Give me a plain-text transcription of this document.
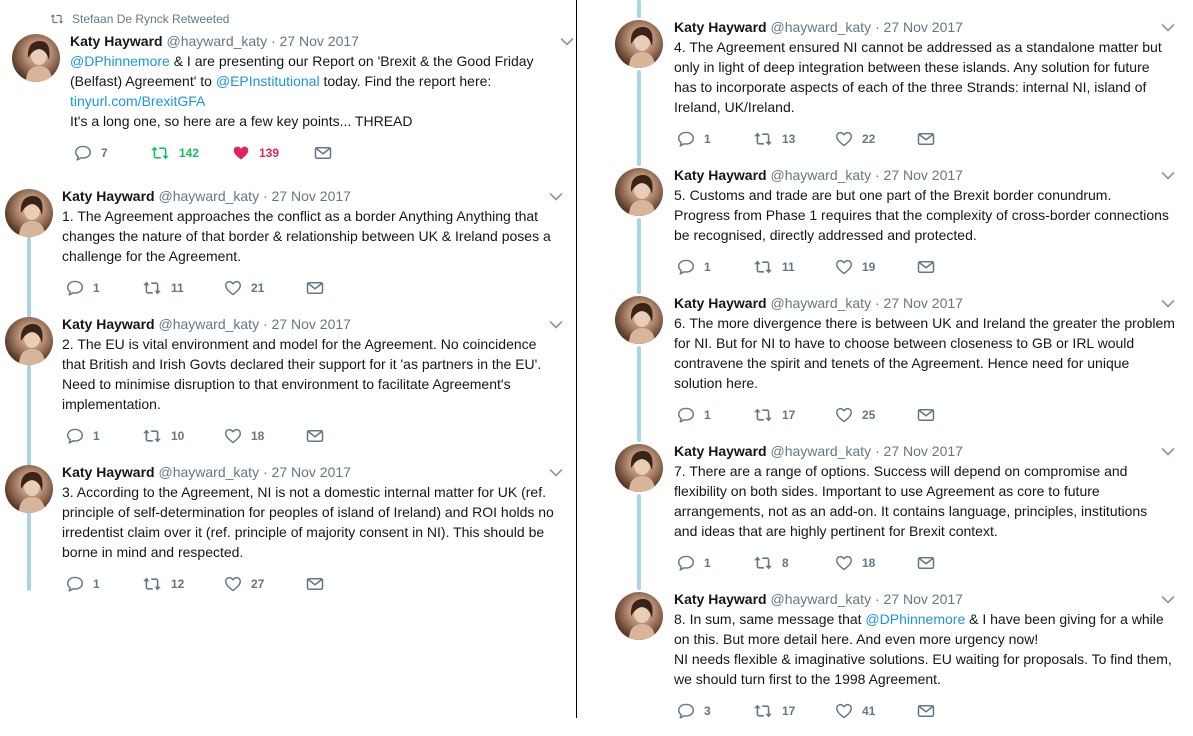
Stefaan De Rynck Retweeted
Katy Hayward @hayward_katy · 27 Nov 2017

@DPhinnemore & I are presenting our Report on 'Brexit & the Good Friday

(Belfast) Agreement' to @EPInstitutional today. Find the report here:

tinyurl.com/BrexitGFA

It's a long one, so here are a few key points... THREAD

7	142	139
Katy Hayward @hayward_katy · 27 Nov 2017

1. The Agreement approaches the conflict as a border Anything Anything that

changes the nature of that border & relationship between UK & Ireland poses a

challenge for the Agreement.

1	11	21
Katy Hayward @hayward_katy · 27 Nov 2017

2. The EU is vital environment and model for the Agreement. No coincidence

that British and Irish Govts declared their support for it 'as partners in the EU'.

Need to minimise disruption to that environment to facilitate Agreement's

implementation.

1	10	18
Katy Hayward @hayward_katy · 27 Nov 2017

3. According to the Agreement, NI is not a domestic internal matter for UK (ref.

principle of self-determination for peoples of island of Ireland) and ROI holds no

irredentist claim over it (ref. principle of majority consent in NI). This should be

borne in mind and respected.

1	12	27
Katy Hayward @hayward_katy · 27 Nov 2017

4. The Agreement ensured NI cannot be addressed as a standalone matter but

only in light of deep integration between these islands. Any solution for future

has to incorporate aspects of each of the three Strands: internal NI, island of

Ireland, UK/Ireland.

1	13	22
Katy Hayward @hayward_katy · 27 Nov 2017

5. Customs and trade are but one part of the Brexit border conundrum.

Progress from Phase 1 requires that the complexity of cross-border connections

be recognised, directly addressed and protected.

1	11	19
Katy Hayward @hayward_katy · 27 Nov 2017

6. The more divergence there is between UK and Ireland the greater the problem

for NI. But for NI to have to choose between closeness to GB or IRL would

contravene the spirit and tenets of the Agreement. Hence need for unique

solution here.

1	17	25
Katy Hayward @hayward_katy · 27 Nov 2017

7. There are a range of options. Success will depend on compromise and

flexibility on both sides. Important to use Agreement as core to future

arrangements, not as an add-on. It contains language, principles, institutions

and ideas that are highly pertinent for Brexit context.

1	8	18
Katy Hayward @hayward_katy · 27 Nov 2017

8. In sum, same message that @DPhinnemore & I have been giving for a while

on this. But more detail here. And even more urgency now!

NI needs flexible & imaginative solutions. EU waiting for proposals. To find them,

we should turn first to the 1998 Agreement.

3	17	41
